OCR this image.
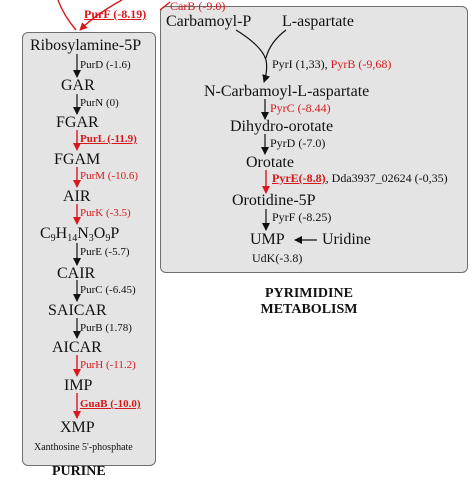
PurF (-8.19)
CarB (-9.0)
Ribosylamine-5P
PurD (-1.6)
GAR
PurN (0)
FGAR
PurL (-11.9)
FGAM
PurM (-10.6)
AIR
PurK (-3.5)
$C_9H_{14}N_3O_9P$
PurE (-5.7)
CAIR
PurC (-6.45)
SAICAR
PurB (1.78)
AICAR
PurH (-11.2)
IMP
GuaB (-10.0)
XMP
Xanthosine 5'-phosphate
PURINE
Carbamoyl-P L-aspartate
PyrI (1,33), PyrB (-9,68)
N-Carbamoyl-L-aspartate
PyrC (-8.44)
Dihydro-orotate
PyrD (-7.0)
Orotate
PyrE(-8.8), Dda3937_02624 (-0,35)
Orotidine-5P
PyrF (-8.25)
UMP Uridine
UdK(-3.8)
PYRIMIDINE
METABOLISM
